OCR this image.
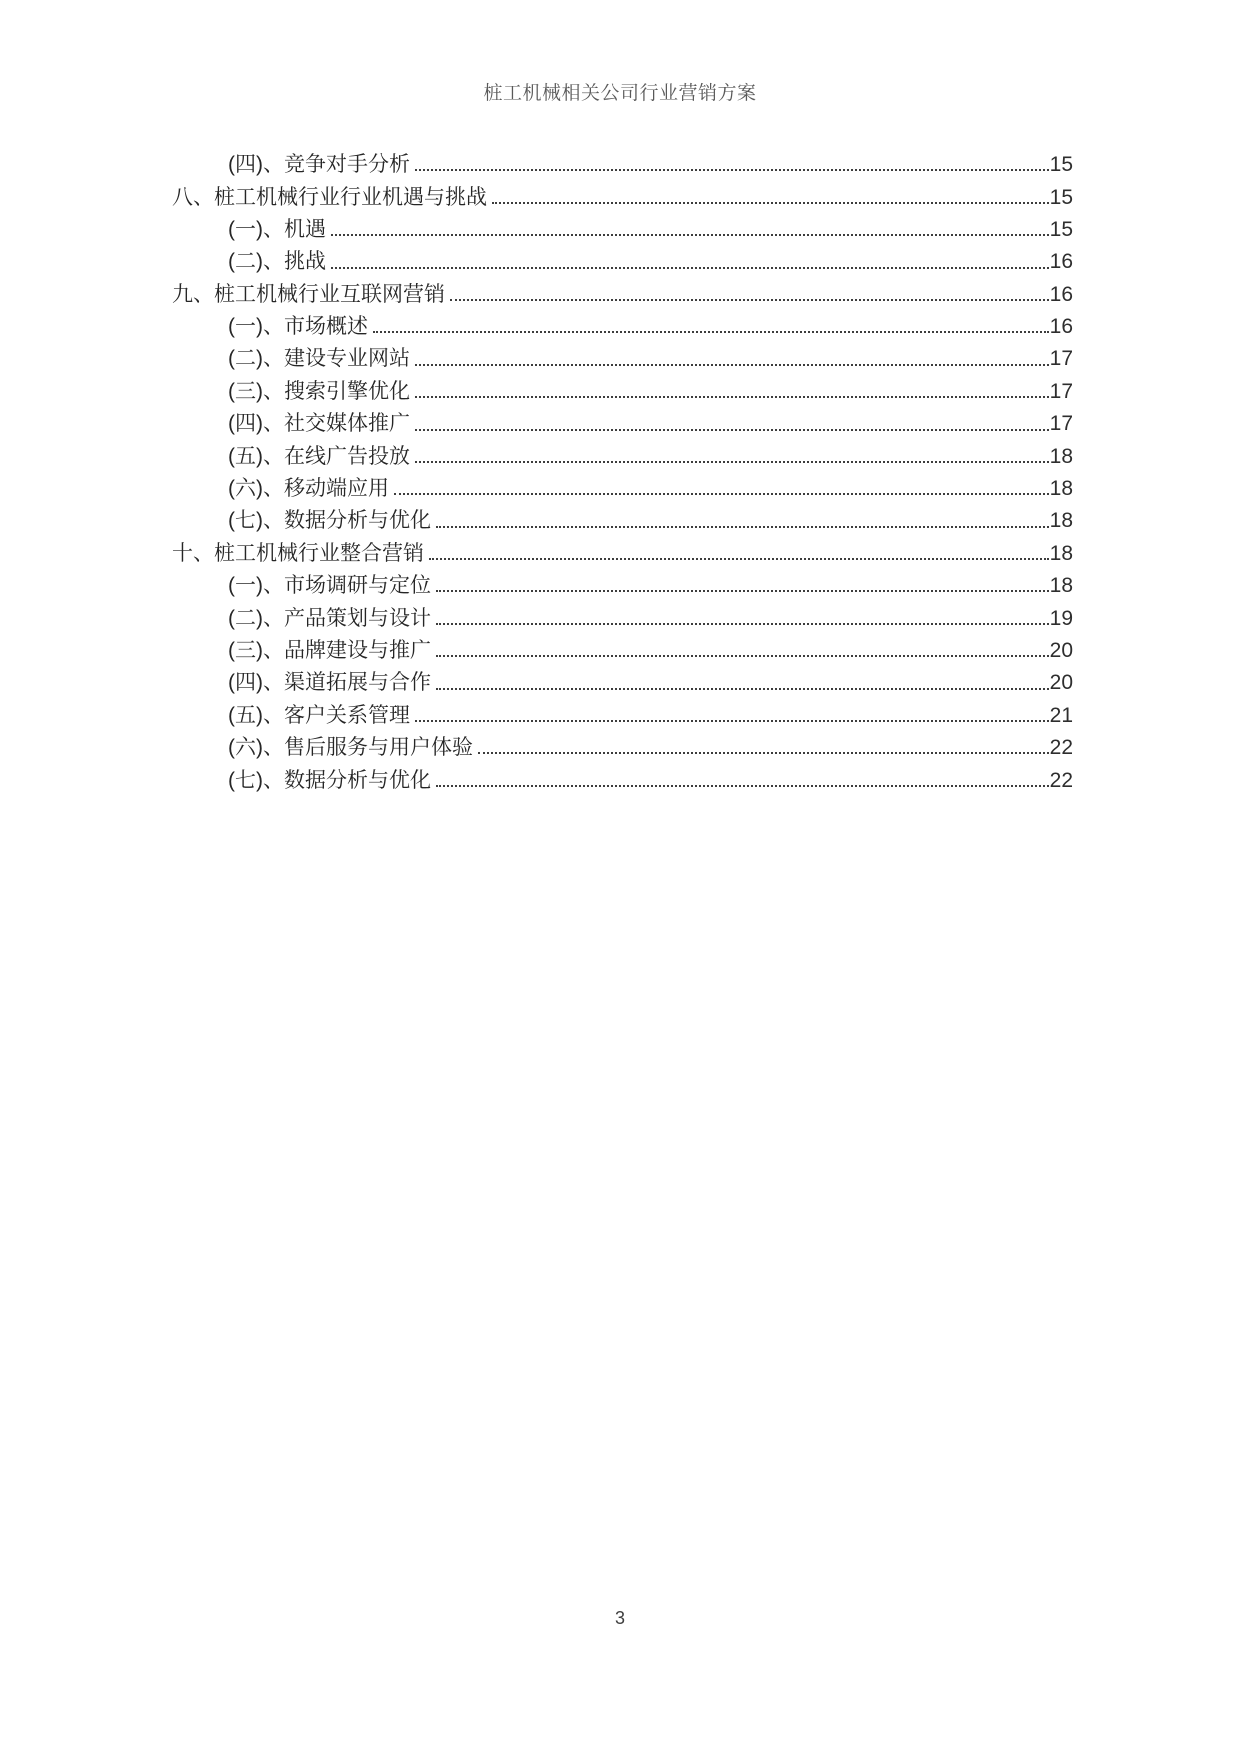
桩工机械相关公司行业营销方案
(四)、竞争对手分析	15
八、桩工机械行业行业机遇与挑战	15
(一)、机遇	15
(二)、挑战	16
九、桩工机械行业互联网营销	16
(一)、市场概述	16
(二)、建设专业网站	17
(三)、搜索引擎优化	17
(四)、社交媒体推广	17
(五)、在线广告投放	18
(六)、移动端应用	18
(七)、数据分析与优化	18
十、桩工机械行业整合营销	18
(一)、市场调研与定位	18
(二)、产品策划与设计	19
(三)、品牌建设与推广	20
(四)、渠道拓展与合作	20
(五)、客户关系管理	21
(六)、售后服务与用户体验	22
(七)、数据分析与优化	22
3
